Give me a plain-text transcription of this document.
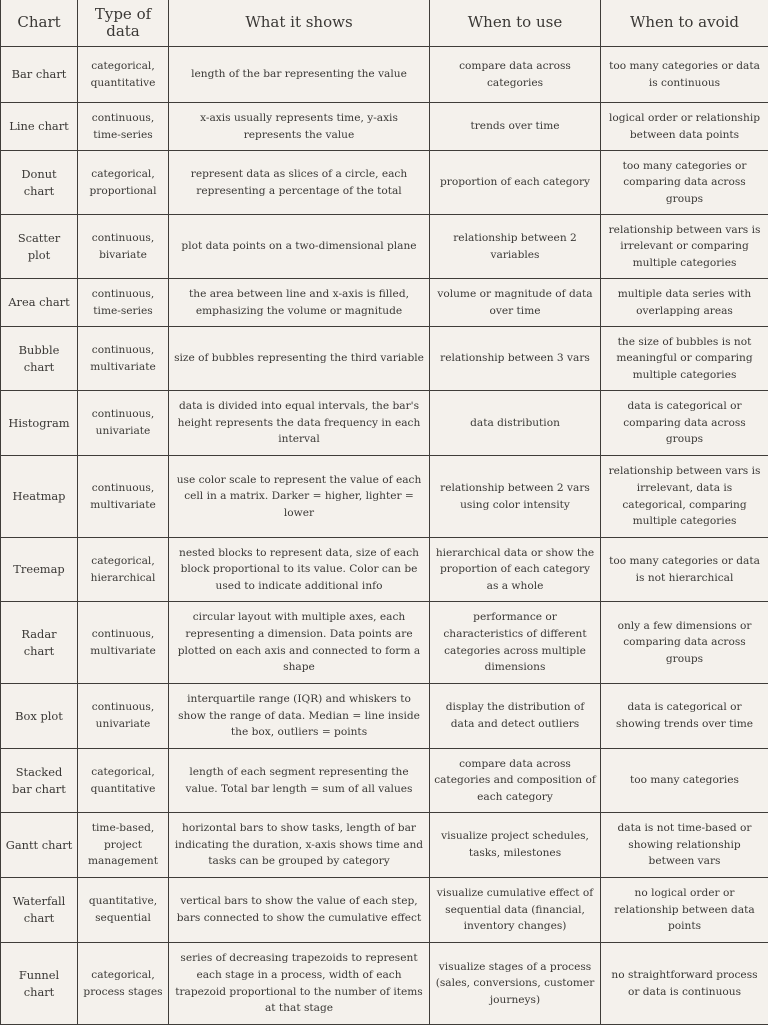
Chart	Type of data	What it shows	When to use	When to avoid
Bar chart	categorical, quantitative	length of the bar representing the value	compare data across categories	too many categories or data is continuous
Line chart	continuous, time-series	x-axis usually represents time, y-axis represents the value	trends over time	logical order or relationship between data points
Donut chart	categorical, proportional	represent data as slices of a circle, each representing a percentage of the total	proportion of each category	too many categories or comparing data across groups
Scatter plot	continuous, bivariate	plot data points on a two-dimensional plane	relationship between 2 variables	relationship between vars is irrelevant or comparing multiple categories
Area chart	continuous, time-series	the area between line and x-axis is filled, emphasizing the volume or magnitude	volume or magnitude of data over time	multiple data series with overlapping areas
Bubble chart	continuous, multivariate	size of bubbles representing the third variable	relationship between 3 vars	the size of bubbles is not meaningful or comparing multiple categories
Histogram	continuous, univariate	data is divided into equal intervals, the bar's height represents the data frequency in each interval	data distribution	data is categorical or comparing data across groups
Heatmap	continuous, multivariate	use color scale to represent the value of each cell in a matrix. Darker = higher, lighter = lower	relationship between 2 vars using color intensity	relationship between vars is irrelevant, data is categorical, comparing multiple categories
Treemap	categorical, hierarchical	nested blocks to represent data, size of each block proportional to its value. Color can be used to indicate additional info	hierarchical data or show the proportion of each category as a whole	too many categories or data is not hierarchical
Radar chart	continuous, multivariate	circular layout with multiple axes, each representing a dimension. Data points are plotted on each axis and connected to form a shape	performance or characteristics of different categories across multiple dimensions	only a few dimensions or comparing data across groups
Box plot	continuous, univariate	interquartile range (IQR) and whiskers to show the range of data. Median = line inside the box, outliers = points	display the distribution of data and detect outliers	data is categorical or showing trends over time
Stacked bar chart	categorical, quantitative	length of each segment representing the value. Total bar length = sum of all values	compare data across categories and composition of each category	too many categories
Gantt chart	time-based, project management	horizontal bars to show tasks, length of bar indicating the duration, x-axis shows time and tasks can be grouped by category	visualize project schedules, tasks, milestones	data is not time-based or showing relationship between vars
Waterfall chart	quantitative, sequential	vertical bars to show the value of each step, bars connected to show the cumulative effect	visualize cumulative effect of sequential data (financial, inventory changes)	no logical order or relationship between data points
Funnel chart	categorical, process stages	series of decreasing trapezoids to represent each stage in a process, width of each trapezoid proportional to the number of items at that stage	visualize stages of a process (sales, conversions, customer journeys)	no straightforward process or data is continuous
